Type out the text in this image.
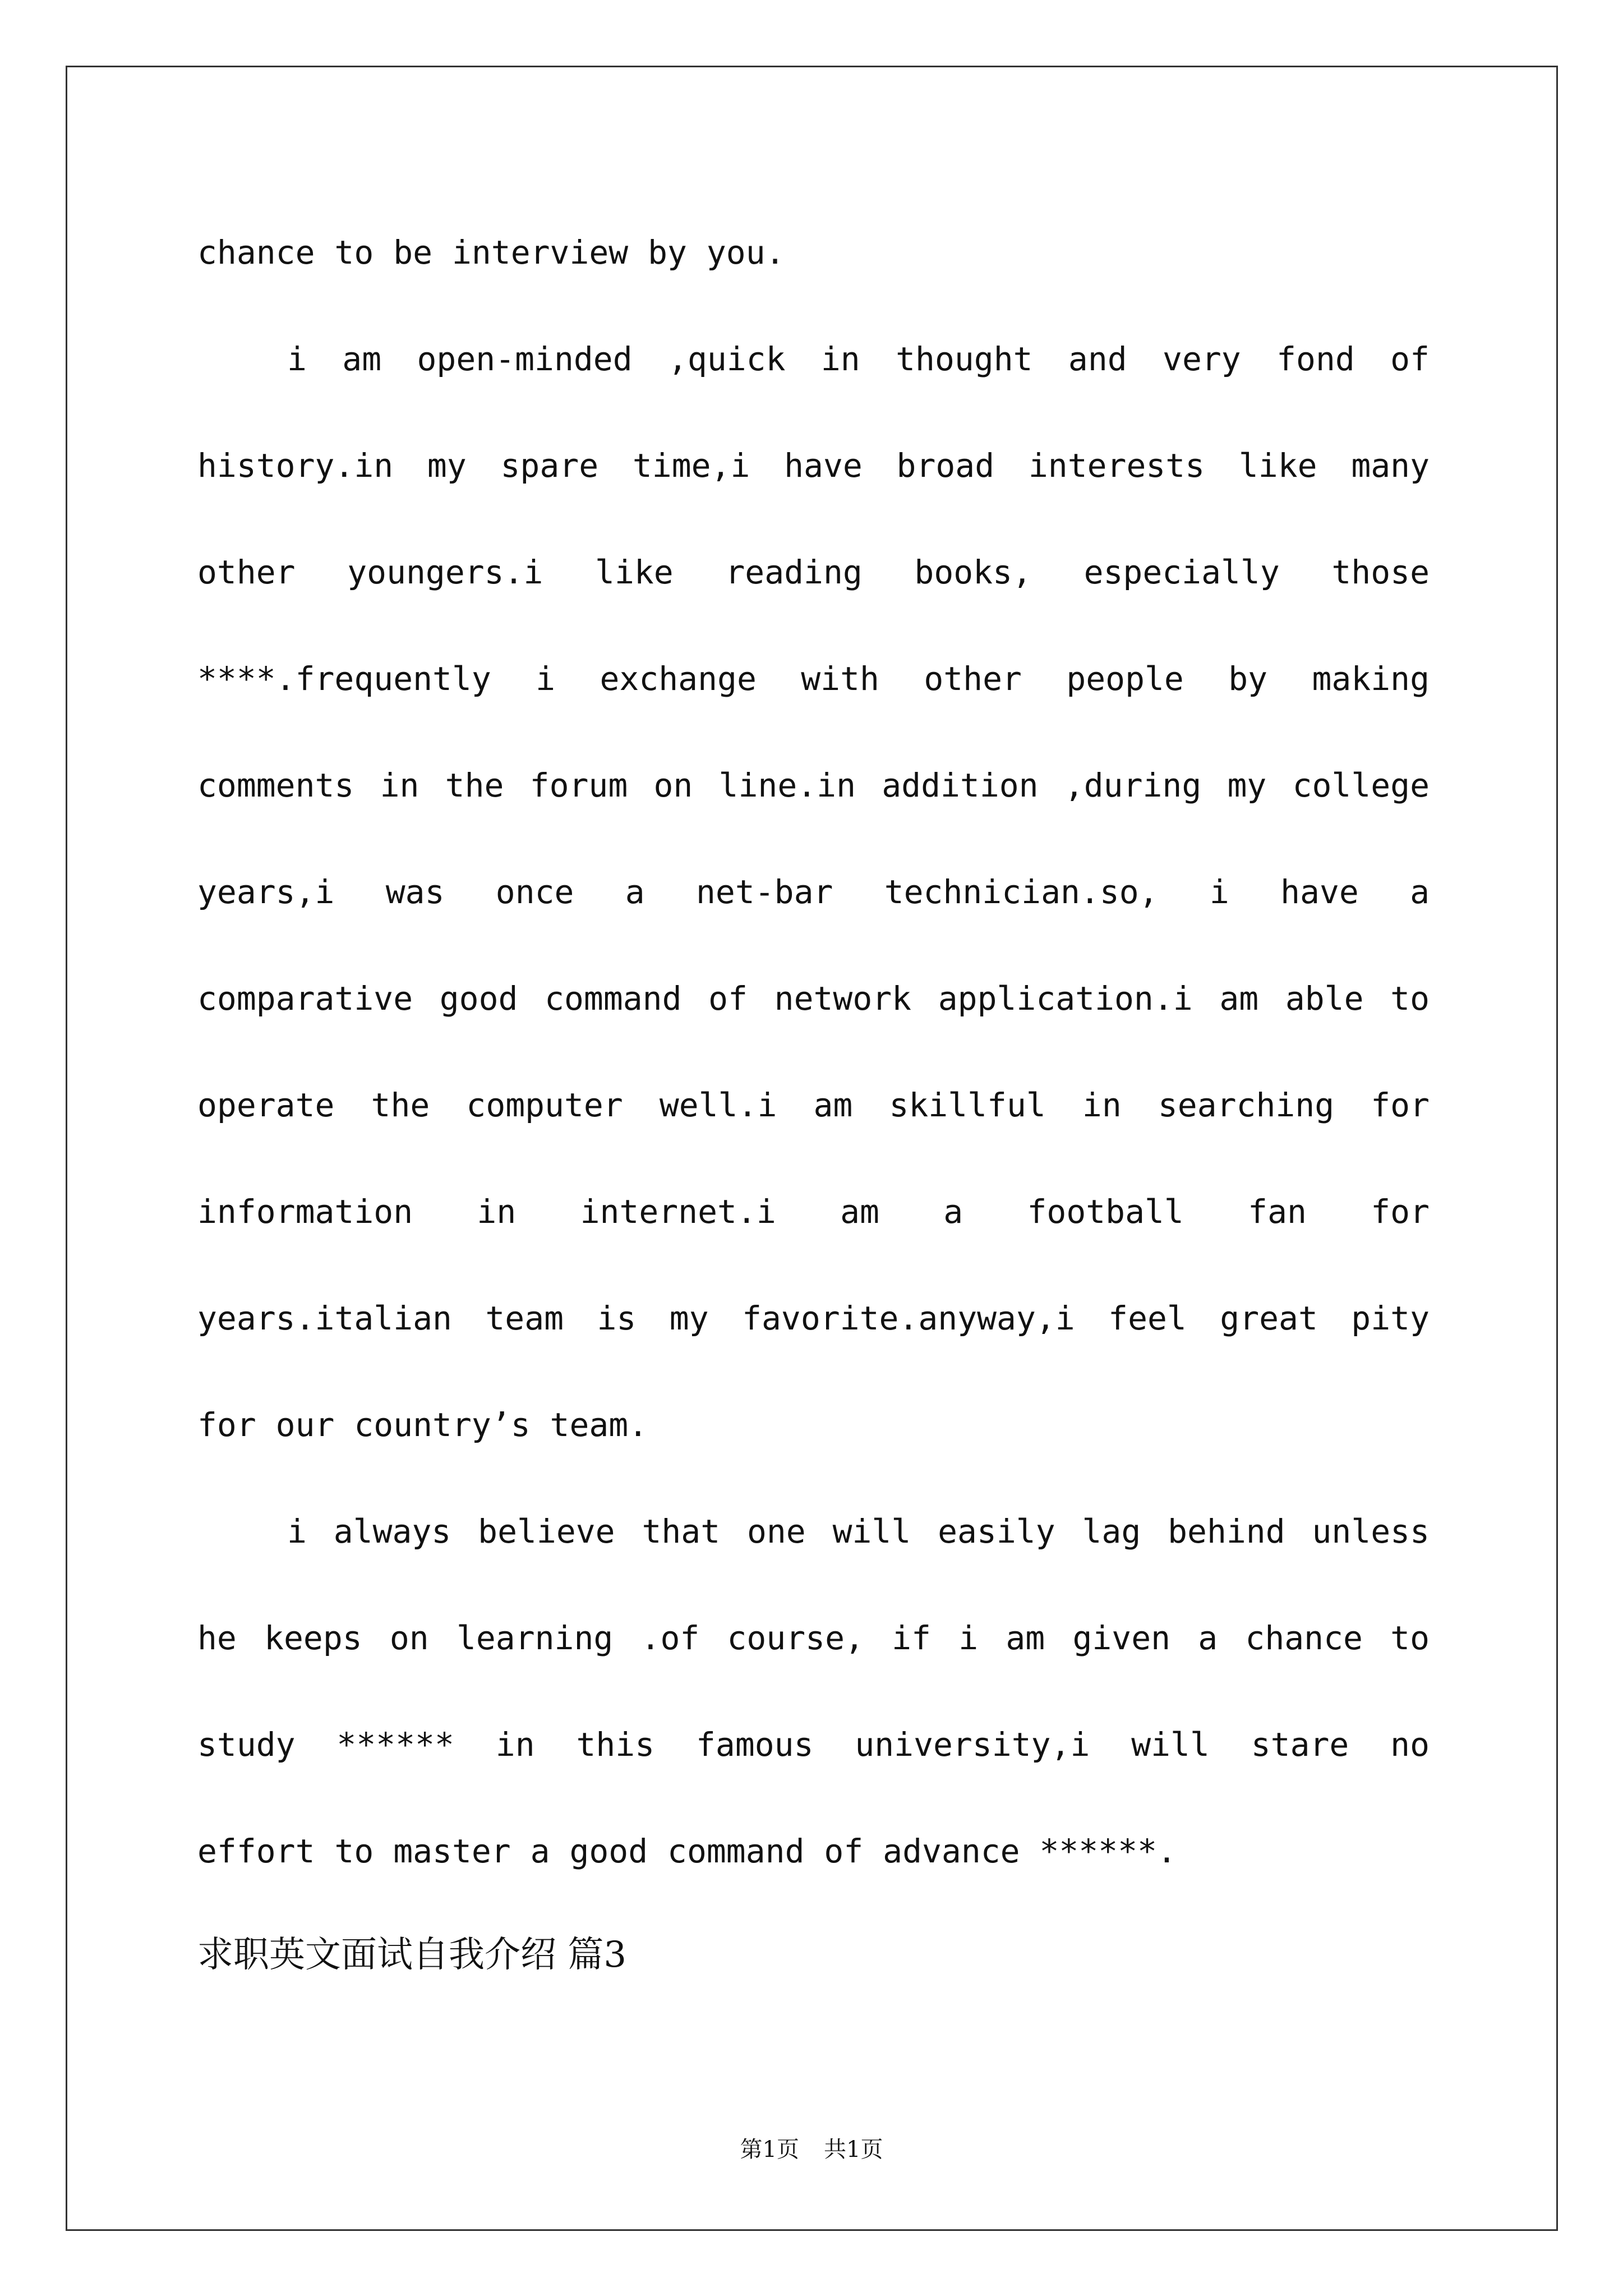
chance to be interview by you.
i am open-minded ,quick in thought and very fond of
history.in my spare time,i have broad interests like many
other youngers.i like reading books, especially those
****.frequently i exchange with other people by making
comments in the forum on line.in addition ,during my college
years,i was once a net-bar technician.so, i have a
comparative good command of network application.i am able to
operate the computer well.i am skillful in searching for
information in internet.i am a football fan for
years.italian team is my favorite.anyway,i feel great pity
for our country’s team.
i always believe that one will easily lag behind unless
he keeps on learning .of course, if i am given a chance to
study ****** in this famous university,i will stare no
effort to master a good command of advance ******.
求职英文面试自我介绍 篇3
第1页 共1页
